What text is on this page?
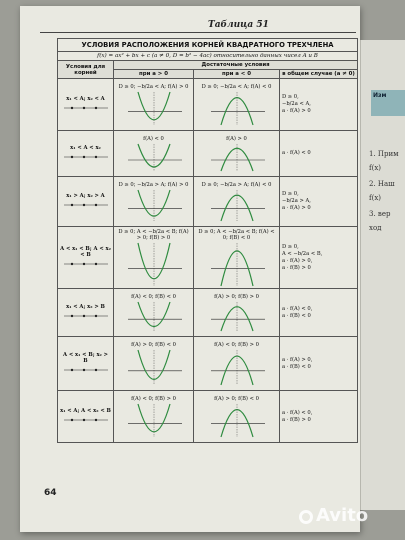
Изм
1. Прим
f(x)
2. Наш
f(x)
3. вер
ход
Таблица 51
УСЛОВИЯ РАСПОЛОЖЕНИЯ КОРНЕЙ КВАДРАТНОГО ТРЕХЧЛЕНА			
f(x) = ax² + bx + c (a ≠ 0, D = b² − 4ac) относительно данных чисел A и B			
Условия для корней	Достаточные условия		
	при a > 0	при a < 0	в общем случае (a ≠ 0)

x₁ < A; x₂ < A	D ≥ 0; −b/2a < A; f(A) > 0	D ≥ 0; −b/2a < A; f(A) < 0	D ≥ 0,
−b/2a < A,
a · f(A) > 0

x₁ < A < x₂	f(A) < 0	f(A) > 0	a · f(A) < 0

x₁ > A; x₂ > A	D ≥ 0; −b/2a > A; f(A) > 0	D ≥ 0; −b/2a > A; f(A) < 0	D ≥ 0,
−b/2a > A,
a · f(A) > 0

A < x₁ < B; A < x₂ < B	D ≥ 0; A < −b/2a < B; f(A) > 0; f(B) > 0	D ≥ 0; A < −b/2a < B; f(A) < 0; f(B) < 0	D ≥ 0,
A < −b/2a < B,
a · f(A) > 0,
a · f(B) > 0

x₁ < A; x₂ > B	f(A) < 0; f(B) < 0	f(A) > 0; f(B) > 0	a · f(A) < 0,
a · f(B) < 0

A < x₁ < B; x₂ > B	f(A) > 0; f(B) < 0	f(A) < 0; f(B) > 0	a · f(A) > 0,
a · f(B) < 0

x₁ < A; A < x₂ < B	f(A) < 0; f(B) > 0	f(A) > 0; f(B) < 0	a · f(A) < 0,
a · f(B) > 0
64
Avito
